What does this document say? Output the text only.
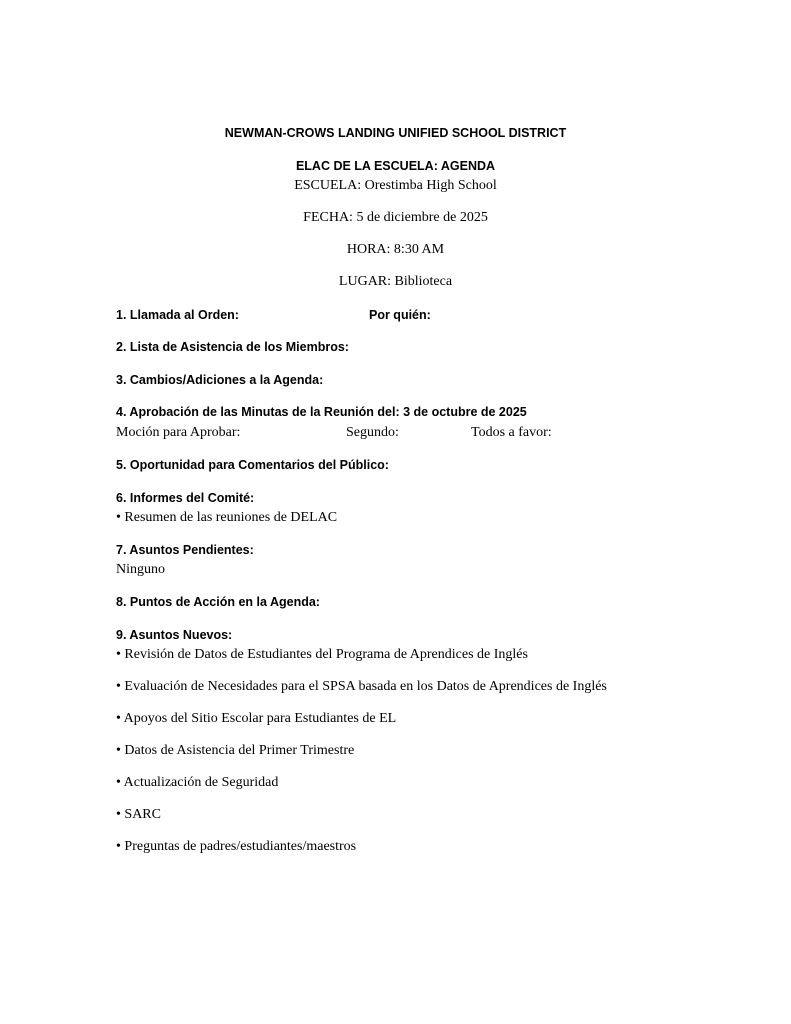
NEWMAN-CROWS LANDING UNIFIED SCHOOL DISTRICT
ELAC DE LA ESCUELA: AGENDA
ESCUELA: Orestimba High School
FECHA: 5 de diciembre de 2025
HORA: 8:30 AM
LUGAR: Biblioteca
1. Llamada al Orden:	Por quién:
2. Lista de Asistencia de los Miembros:
3. Cambios/Adiciones a la Agenda:
4. Aprobación de las Minutas de la Reunión del: 3 de octubre de 2025
Moción para Aprobar:	Segundo:	Todos a favor:
5. Oportunidad para Comentarios del Público:
6. Informes del Comité:
• Resumen de las reuniones de DELAC
7. Asuntos Pendientes:
Ninguno
8. Puntos de Acción en la Agenda:
9. Asuntos Nuevos:
• Revisión de Datos de Estudiantes del Programa de Aprendices de Inglés
• Evaluación de Necesidades para el SPSA basada en los Datos de Aprendices de Inglés
• Apoyos del Sitio Escolar para Estudiantes de EL
• Datos de Asistencia del Primer Trimestre
• Actualización de Seguridad
• SARC
• Preguntas de padres/estudiantes/maestros
